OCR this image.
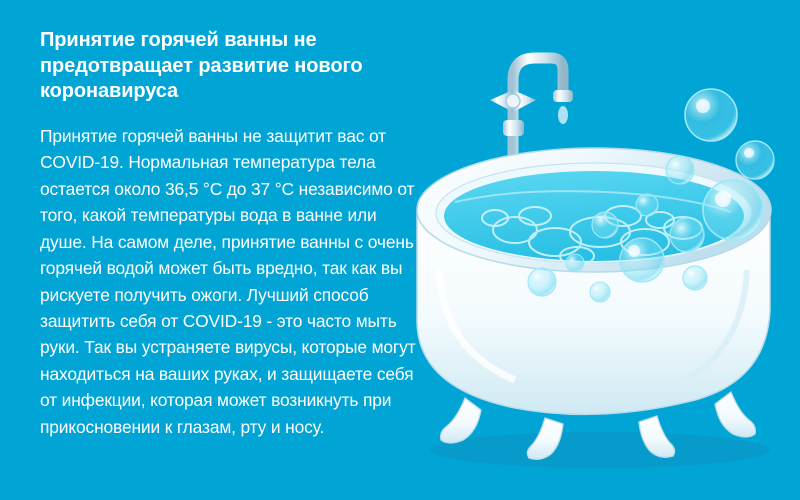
Принятие горячей ванны не предотвращает развитие нового коронавируса

Принятие горячей ванны не защитит вас от COVID-19. Нормальная температура тела остается около 36,5 °C до 37 °C независимо от того, какой температуры вода в ванне или душе. На самом деле, принятие ванны с очень горячей водой может быть вредно, так как вы рискуете получить ожоги. Лучший способ защитить себя от COVID-19 - это часто мыть руки. Так вы устраняете вирусы, которые могут находиться на ваших руках, и защищаете себя от инфекции, которая может возникнуть при прикосновении к глазам, рту и носу.
